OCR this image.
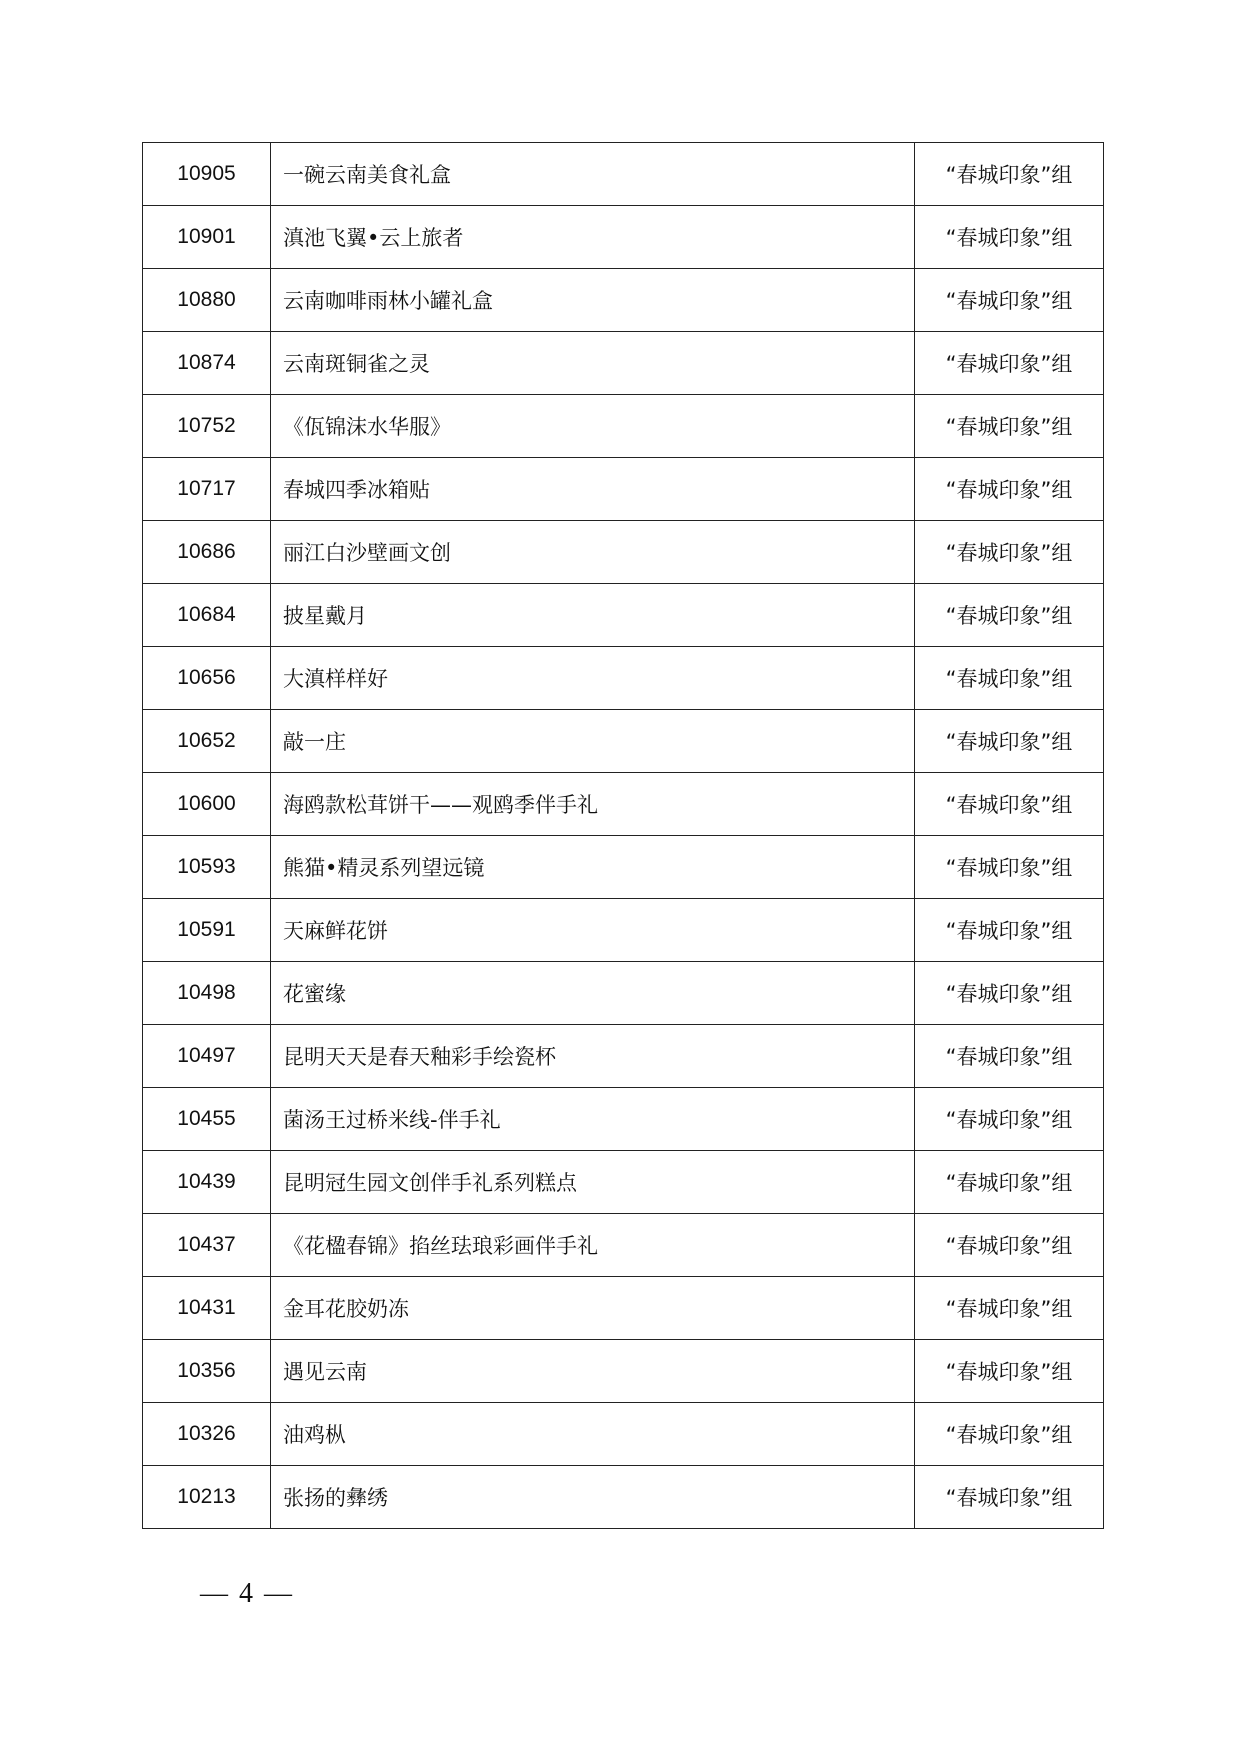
10905	一碗云南美食礼盒	“春城印象”组
10901	滇池飞翼•云上旅者	“春城印象”组
10880	云南咖啡雨林小罐礼盒	“春城印象”组
10874	云南斑铜雀之灵	“春城印象”组
10752	《佤锦沫水华服》	“春城印象”组
10717	春城四季冰箱贴	“春城印象”组
10686	丽江白沙壁画文创	“春城印象”组
10684	披星戴月	“春城印象”组
10656	大滇样样好	“春城印象”组
10652	敲一庄	“春城印象”组
10600	海鸥款松茸饼干——观鸥季伴手礼	“春城印象”组
10593	熊猫•精灵系列望远镜	“春城印象”组
10591	天麻鲜花饼	“春城印象”组
10498	花蜜缘	“春城印象”组
10497	昆明天天是春天釉彩手绘瓷杯	“春城印象”组
10455	菌汤王过桥米线-伴手礼	“春城印象”组
10439	昆明冠生园文创伴手礼系列糕点	“春城印象”组
10437	《花楹春锦》掐丝珐琅彩画伴手礼	“春城印象”组
10431	金耳花胶奶冻	“春城印象”组
10356	遇见云南	“春城印象”组
10326	油鸡枞	“春城印象”组
10213	张扬的彝绣	“春城印象”组
— 4 —
